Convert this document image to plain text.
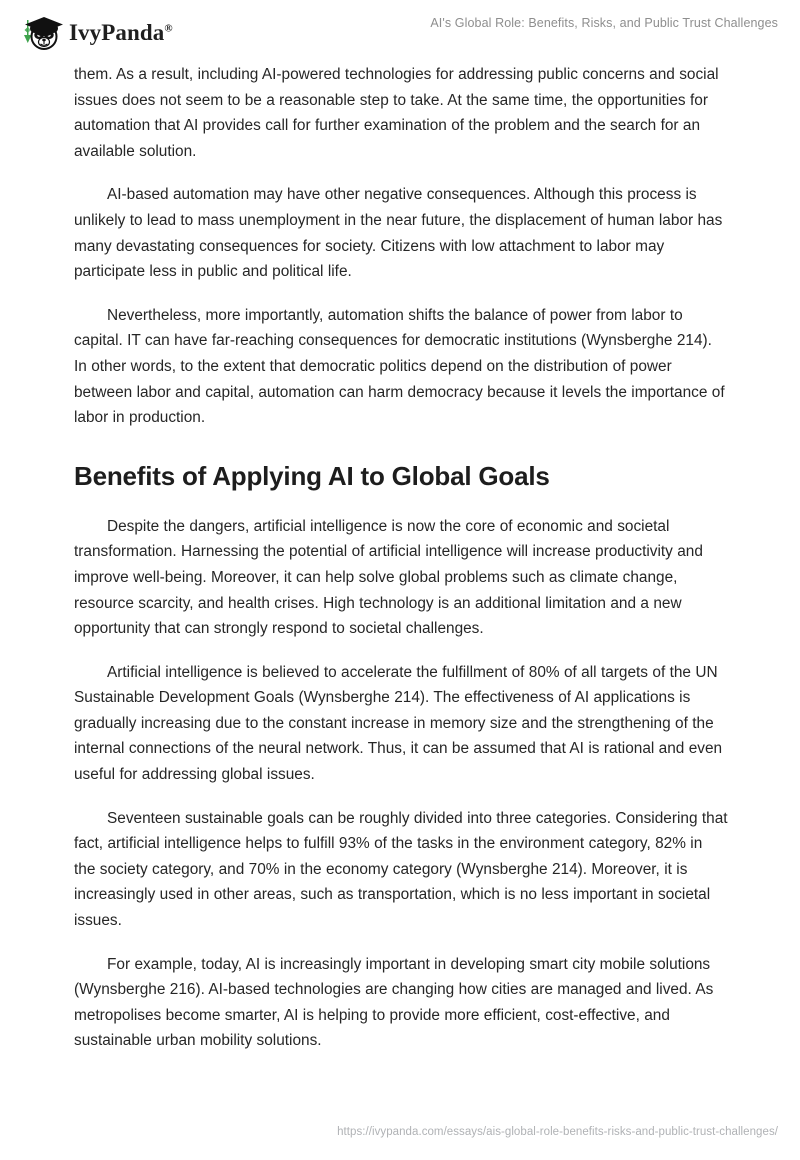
IvyPanda®	AI's Global Role: Benefits, Risks, and Public Trust Challenges

them. As a result, including AI-powered technologies for addressing public concerns and social issues does not seem to be a reasonable step to take. At the same time, the opportunities for automation that AI provides call for further examination of the problem and the search for an available solution.

AI-based automation may have other negative consequences. Although this process is unlikely to lead to mass unemployment in the near future, the displacement of human labor has many devastating consequences for society. Citizens with low attachment to labor may participate less in public and political life.

Nevertheless, more importantly, automation shifts the balance of power from labor to capital. IT can have far-reaching consequences for democratic institutions (Wynsberghe 214). In other words, to the extent that democratic politics depend on the distribution of power between labor and capital, automation can harm democracy because it levels the importance of labor in production.

Benefits of Applying AI to Global Goals

Despite the dangers, artificial intelligence is now the core of economic and societal transformation. Harnessing the potential of artificial intelligence will increase productivity and improve well-being. Moreover, it can help solve global problems such as climate change, resource scarcity, and health crises. High technology is an additional limitation and a new opportunity that can strongly respond to societal challenges.

Artificial intelligence is believed to accelerate the fulfillment of 80% of all targets of the UN Sustainable Development Goals (Wynsberghe 214). The effectiveness of AI applications is gradually increasing due to the constant increase in memory size and the strengthening of the internal connections of the neural network. Thus, it can be assumed that AI is rational and even useful for addressing global issues.

Seventeen sustainable goals can be roughly divided into three categories. Considering that fact, artificial intelligence helps to fulfill 93% of the tasks in the environment category, 82% in the society category, and 70% in the economy category (Wynsberghe 214). Moreover, it is increasingly used in other areas, such as transportation, which is no less important in societal issues.

For example, today, AI is increasingly important in developing smart city mobile solutions (Wynsberghe 216). AI-based technologies are changing how cities are managed and lived. As metropolises become smarter, AI is helping to provide more efficient, cost-effective, and sustainable urban mobility solutions.

https://ivypanda.com/essays/ais-global-role-benefits-risks-and-public-trust-challenges/
